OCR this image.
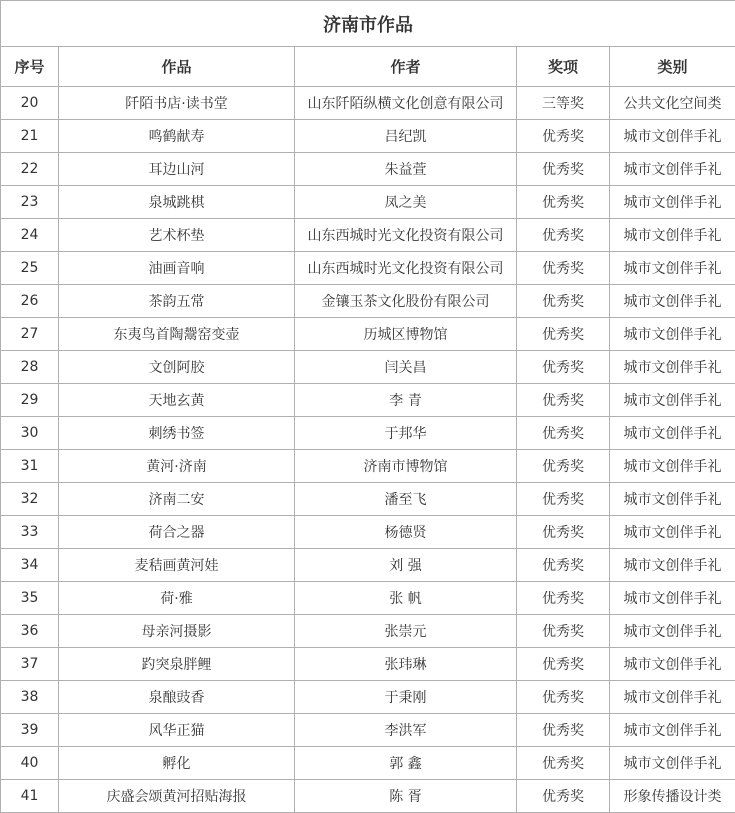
济南市作品				
序号	作品	作者	奖项	类别
20	阡陌书店·读书堂	山东阡陌纵横文化创意有限公司	三等奖	公共文化空间类
21	鸣鹤献寿	吕纪凯	优秀奖	城市文创伴手礼
22	耳边山河	朱益萱	优秀奖	城市文创伴手礼
23	泉城跳棋	凤之美	优秀奖	城市文创伴手礼
24	艺术杯垫	山东西城时光文化投资有限公司	优秀奖	城市文创伴手礼
25	油画音响	山东西城时光文化投资有限公司	优秀奖	城市文创伴手礼
26	茶韵五常	金镶玉茶文化股份有限公司	优秀奖	城市文创伴手礼
27	东夷鸟首陶鬶窑变壶	历城区博物馆	优秀奖	城市文创伴手礼
28	文创阿胶	闫关昌	优秀奖	城市文创伴手礼
29	天地玄黄	李 青	优秀奖	城市文创伴手礼
30	刺绣书签	于邦华	优秀奖	城市文创伴手礼
31	黄河·济南	济南市博物馆	优秀奖	城市文创伴手礼
32	济南二安	潘至飞	优秀奖	城市文创伴手礼
33	荷合之器	杨德贤	优秀奖	城市文创伴手礼
34	麦秸画黄河娃	刘 强	优秀奖	城市文创伴手礼
35	荷·雅	张 帆	优秀奖	城市文创伴手礼
36	母亲河摄影	张崇元	优秀奖	城市文创伴手礼
37	趵突泉胖鲤	张玮琳	优秀奖	城市文创伴手礼
38	泉酿豉香	于秉刚	优秀奖	城市文创伴手礼
39	风华正猫	李洪军	优秀奖	城市文创伴手礼
40	孵化	郭 鑫	优秀奖	城市文创伴手礼
41	庆盛会颂黄河招贴海报	陈 胥	优秀奖	形象传播设计类
